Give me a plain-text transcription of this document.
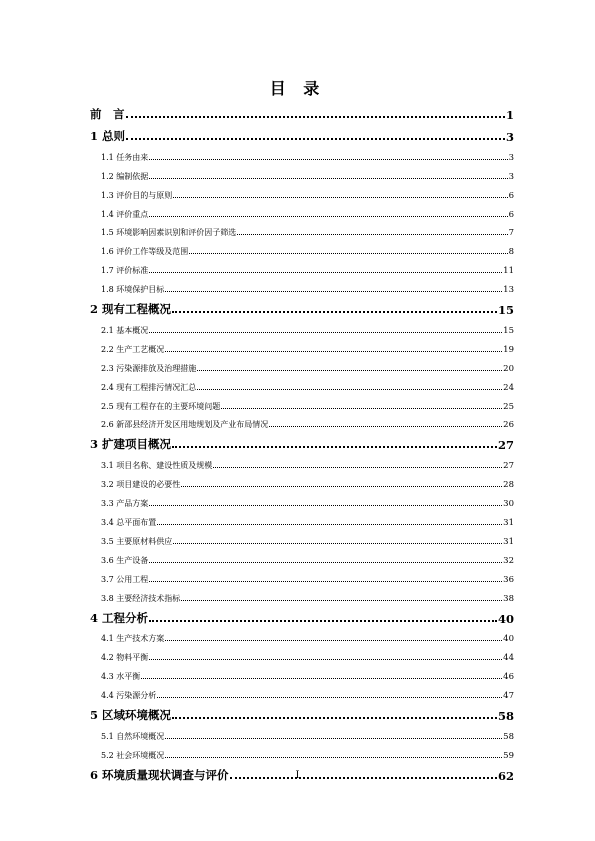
目 录
前　言	1
1 总则	3
1.1 任务由来	3
1.2 编制依据	3
1.3 评价目的与原则	6
1.4 评价重点	6
1.5 环境影响因素识别和评价因子筛选	7
1.6 评价工作等级及范围	8
1.7 评价标准	11
1.8 环境保护目标	13
2 现有工程概况	15
2.1 基本概况	15
2.2 生产工艺概况	19
2.3 污染源排放及治理措施	20
2.4 现有工程排污情况汇总	24
2.5 现有工程存在的主要环境问题	25
2.6 新邵县经济开发区用地规划及产业布局情况	26
3 扩建项目概况	27
3.1 项目名称、建设性质及规模	27
3.2 项目建设的必要性	28
3.3 产品方案	30
3.4 总平面布置	31
3.5 主要原材料供应	31
3.6 生产设备	32
3.7 公用工程	36
3.8 主要经济技术指标	38
4 工程分析	40
4.1 生产技术方案	40
4.2 物料平衡	44
4.3 水平衡	46
4.4 污染源分析	47
5 区域环境概况	58
5.1 自然环境概况	58
5.2 社会环境概况	59
6 环境质量现状调查与评价	62
I
